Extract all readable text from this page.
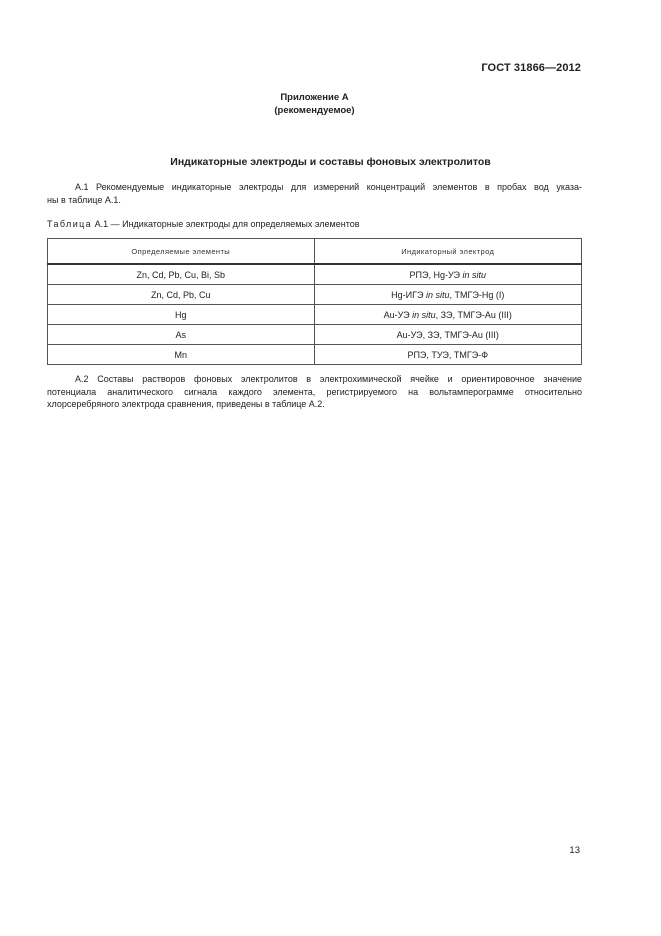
ГОСТ 31866—2012
Приложение А
(рекомендуемое)
Индикаторные электроды и составы фоновых электролитов
А.1 Рекомендуемые индикаторные электроды для измерений концентраций элементов в пробах вод указа-
ны в таблице А.1.
Таблица А.1 — Индикаторные электроды для определяемых элементов
Определяемые элементы	Индикаторный электрод
Zn, Cd, Pb, Cu, Bi, Sb	РПЭ, Hg-УЭ in situ
Zn, Cd, Pb, Cu	Hg-ИГЭ in situ, ТМГЭ-Hg (I)
Hg	Au-УЭ in situ, ЗЭ, ТМГЭ-Au (III)
As	Au-УЭ, ЗЭ, ТМГЭ-Au (III)
Mn	РПЭ, ТУЭ, ТМГЭ-Ф
А.2 Составы растворов фоновых электролитов в электрохимической ячейке и ориентировочное значение
потенциала аналитического сигнала каждого элемента, регистрируемого на вольтамперограмме относительно
хлорсеребряного электрода сравнения, приведены в таблице А.2.
13
